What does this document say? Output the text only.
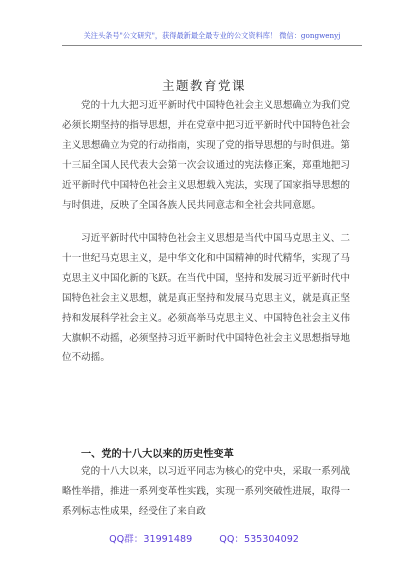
关注头条号"公文研究"，获得最新最全最专业的公文资料库！ 微信：gongwenyj
主题教育党课

党的十九大把习近平新时代中国特色社会主义思想确立为我们党必须长期坚持的指导思想，并在党章中把习近平新时代中国特色社会主义思想确立为党的行动指南，实现了党的指导思想的与时俱进。第十三届全国人民代表大会第一次会议通过的宪法修正案，郑重地把习近平新时代中国特色社会主义思想载入宪法，实现了国家指导思想的与时俱进，反映了全国各族人民共同意志和全社会共同意愿。

习近平新时代中国特色社会主义思想是当代中国马克思主义、二十一世纪马克思主义，是中华文化和中国精神的时代精华，实现了马克思主义中国化新的飞跃。在当代中国，坚持和发展习近平新时代中国特色社会主义思想，就是真正坚持和发展马克思主义，就是真正坚持和发展科学社会主义。必须高举马克思主义、中国特色社会主义伟大旗帜不动摇，必须坚持习近平新时代中国特色社会主义思想指导地位不动摇。

一、党的十八大以来的历史性变革

党的十八大以来，以习近平同志为核心的党中央，采取一系列战略性举措，推进一系列变革性实践，实现一系列突破性进展，取得一系列标志性成果，经受住了来自政

QQ群：31991489	QQ：535304092
